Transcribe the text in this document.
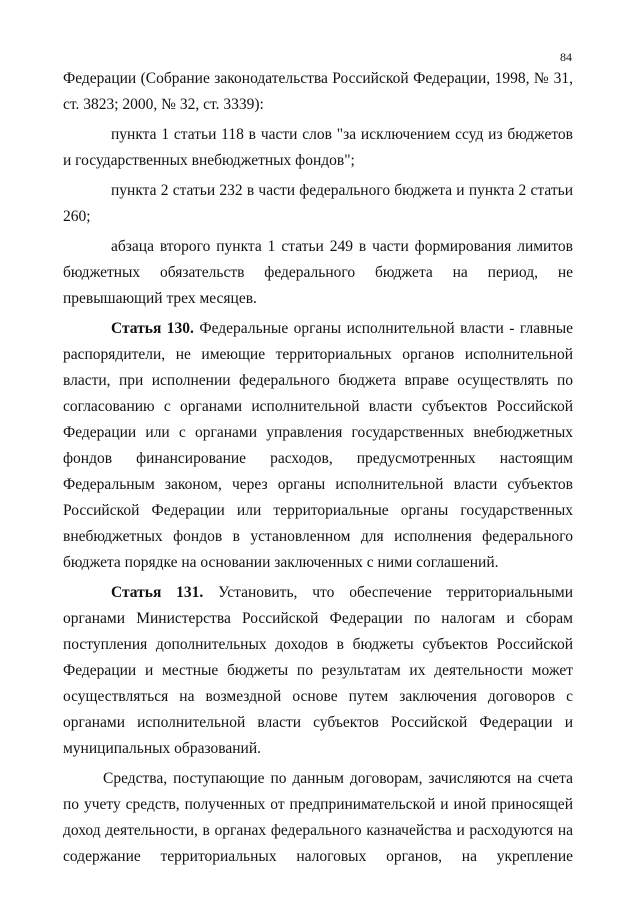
84

Федерации (Собрание законодательства Российской Федерации, 1998, № 31, ст. 3823; 2000, № 32, ст. 3339):

пункта 1 статьи 118 в части слов "за исключением ссуд из бюджетов и государственных внебюджетных фондов";

пункта 2 статьи 232 в части федерального бюджета и пункта 2 статьи 260;

абзаца второго пункта 1 статьи 249 в части формирования лимитов бюджетных обязательств федерального бюджета на период, не превышающий трех месяцев.

Статья 130. Федеральные органы исполнительной власти - главные распорядители, не имеющие территориальных органов исполнительной власти, при исполнении федерального бюджета вправе осуществлять по согласованию с органами исполнительной власти субъектов Российской Федерации или с органами управления государственных внебюджетных фондов финансирование расходов, предусмотренных настоящим Федеральным законом, через органы исполнительной власти субъектов Российской Федерации или территориальные органы государственных внебюджетных фондов в установленном для исполнения федерального бюджета порядке на основании заключенных с ними соглашений.

Статья 131. Установить, что обеспечение территориальными органами Министерства Российской Федерации по налогам и сборам поступления дополнительных доходов в бюджеты субъектов Российской Федерации и местные бюджеты по результатам их деятельности может осуществляться на возмездной основе путем заключения договоров с органами исполнительной власти субъектов Российской Федерации и муниципальных образований.

Средства, поступающие по данным договорам, зачисляются на счета по учету средств, полученных от предпринимательской и иной приносящей доход деятельности, в органах федерального казначейства и расходуются на содержание территориальных налоговых органов, на укрепление
